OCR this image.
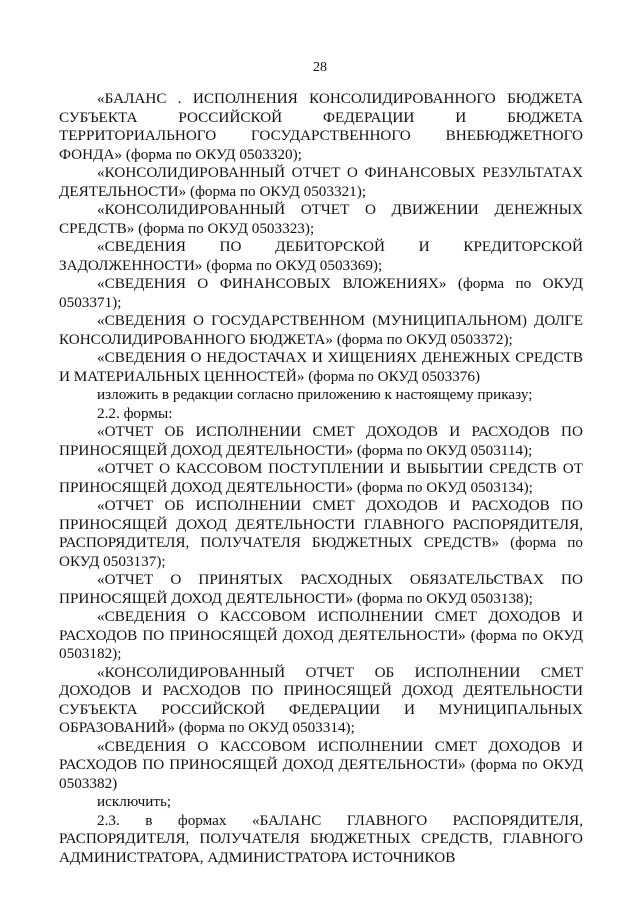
28

«БАЛАНС . ИСПОЛНЕНИЯ КОНСОЛИДИРОВАННОГО БЮДЖЕТА СУБЪЕКТА РОССИЙСКОЙ ФЕДЕРАЦИИ И БЮДЖЕТА ТЕРРИТОРИАЛЬНОГО ГОСУДАРСТВЕННОГО ВНЕБЮДЖЕТНОГО ФОНДА» (форма по ОКУД 0503320);

«КОНСОЛИДИРОВАННЫЙ ОТЧЕТ О ФИНАНСОВЫХ РЕЗУЛЬТАТАХ ДЕЯТЕЛЬНОСТИ» (форма по ОКУД 0503321);

«КОНСОЛИДИРОВАННЫЙ ОТЧЕТ О ДВИЖЕНИИ ДЕНЕЖНЫХ СРЕДСТВ» (форма по ОКУД 0503323);

«СВЕДЕНИЯ ПО ДЕБИТОРСКОЙ И КРЕДИТОРСКОЙ ЗАДОЛЖЕННОСТИ» (форма по ОКУД 0503369);

«СВЕДЕНИЯ О ФИНАНСОВЫХ ВЛОЖЕНИЯХ» (форма по ОКУД 0503371);

«СВЕДЕНИЯ О ГОСУДАРСТВЕННОМ (МУНИЦИПАЛЬНОМ) ДОЛГЕ КОНСОЛИДИРОВАННОГО БЮДЖЕТА» (форма по ОКУД 0503372);

«СВЕДЕНИЯ О НЕДОСТАЧАХ И ХИЩЕНИЯХ ДЕНЕЖНЫХ СРЕДСТВ И МАТЕРИАЛЬНЫХ ЦЕННОСТЕЙ» (форма по ОКУД 0503376)

изложить в редакции согласно приложению к настоящему приказу;

2.2. формы:

«ОТЧЕТ ОБ ИСПОЛНЕНИИ СМЕТ ДОХОДОВ И РАСХОДОВ ПО ПРИНОСЯЩЕЙ ДОХОД ДЕЯТЕЛЬНОСТИ» (форма по ОКУД 0503114);

«ОТЧЕТ О КАССОВОМ ПОСТУПЛЕНИИ И ВЫБЫТИИ СРЕДСТВ ОТ ПРИНОСЯЩЕЙ ДОХОД ДЕЯТЕЛЬНОСТИ» (форма по ОКУД 0503134);

«ОТЧЕТ ОБ ИСПОЛНЕНИИ СМЕТ ДОХОДОВ И РАСХОДОВ ПО ПРИНОСЯЩЕЙ ДОХОД ДЕЯТЕЛЬНОСТИ ГЛАВНОГО РАСПОРЯДИТЕЛЯ, РАСПОРЯДИТЕЛЯ, ПОЛУЧАТЕЛЯ БЮДЖЕТНЫХ СРЕДСТВ» (форма по ОКУД 0503137);

«ОТЧЕТ О ПРИНЯТЫХ РАСХОДНЫХ ОБЯЗАТЕЛЬСТВАХ ПО ПРИНОСЯЩЕЙ ДОХОД ДЕЯТЕЛЬНОСТИ» (форма по ОКУД 0503138);

«СВЕДЕНИЯ О КАССОВОМ ИСПОЛНЕНИИ СМЕТ ДОХОДОВ И РАСХОДОВ ПО ПРИНОСЯЩЕЙ ДОХОД ДЕЯТЕЛЬНОСТИ» (форма по ОКУД 0503182);

«КОНСОЛИДИРОВАННЫЙ ОТЧЕТ ОБ ИСПОЛНЕНИИ СМЕТ ДОХОДОВ И РАСХОДОВ ПО ПРИНОСЯЩЕЙ ДОХОД ДЕЯТЕЛЬНОСТИ СУБЪЕКТА РОССИЙСКОЙ ФЕДЕРАЦИИ И МУНИЦИПАЛЬНЫХ ОБРАЗОВАНИЙ» (форма по ОКУД 0503314);

«СВЕДЕНИЯ О КАССОВОМ ИСПОЛНЕНИИ СМЕТ ДОХОДОВ И РАСХОДОВ ПО ПРИНОСЯЩЕЙ ДОХОД ДЕЯТЕЛЬНОСТИ» (форма по ОКУД 0503382)

исключить;

2.3. в формах «БАЛАНС ГЛАВНОГО РАСПОРЯДИТЕЛЯ, РАСПОРЯДИТЕЛЯ, ПОЛУЧАТЕЛЯ БЮДЖЕТНЫХ СРЕДСТВ, ГЛАВНОГО АДМИНИСТРАТОРА, АДМИНИСТРАТОРА ИСТОЧНИКОВ
